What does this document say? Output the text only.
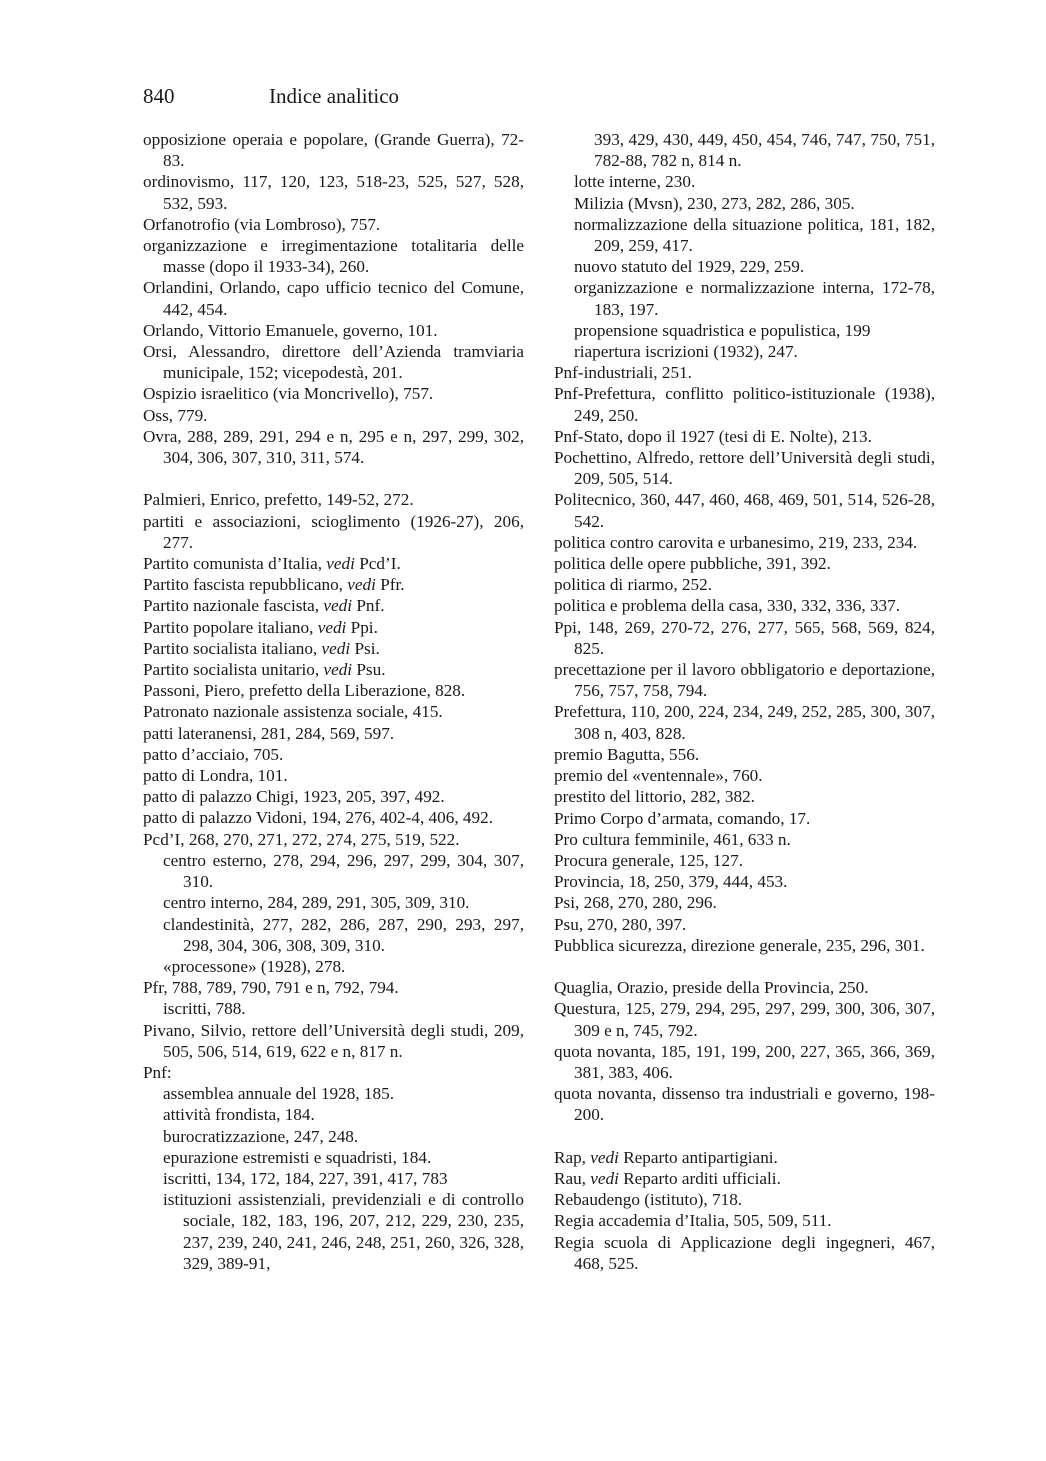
840	Indice analitico
opposizione operaia e popolare, (Grande Guerra), 72-83.
ordinovismo, 117, 120, 123, 518-23, 525, 527, 528, 532, 593.
Orfanotrofio (via Lombroso), 757.
organizzazione e irregimentazione totalitaria delle masse (dopo il 1933-34), 260.
Orlandini, Orlando, capo ufficio tecnico del Comune, 442, 454.
Orlando, Vittorio Emanuele, governo, 101.
Orsi, Alessandro, direttore dell’Azienda tramviaria municipale, 152; vicepodestà, 201.
Ospizio israelitico (via Moncrivello), 757.
Oss, 779.
Ovra, 288, 289, 291, 294 e n, 295 e n, 297, 299, 302, 304, 306, 307, 310, 311, 574.
Palmieri, Enrico, prefetto, 149-52, 272.
partiti e associazioni, scioglimento (1926-27), 206, 277.
Partito comunista d’Italia, vedi Pcd’I.
Partito fascista repubblicano, vedi Pfr.
Partito nazionale fascista, vedi Pnf.
Partito popolare italiano, vedi Ppi.
Partito socialista italiano, vedi Psi.
Partito socialista unitario, vedi Psu.
Passoni, Piero, prefetto della Liberazione, 828.
Patronato nazionale assistenza sociale, 415.
patti lateranensi, 281, 284, 569, 597.
patto d’acciaio, 705.
patto di Londra, 101.
patto di palazzo Chigi, 1923, 205, 397, 492.
patto di palazzo Vidoni, 194, 276, 402-4, 406, 492.
Pcd’I, 268, 270, 271, 272, 274, 275, 519, 522.
centro esterno, 278, 294, 296, 297, 299, 304, 307, 310.
centro interno, 284, 289, 291, 305, 309, 310.
clandestinità, 277, 282, 286, 287, 290, 293, 297, 298, 304, 306, 308, 309, 310.
«processone» (1928), 278.
Pfr, 788, 789, 790, 791 e n, 792, 794.
iscritti, 788.
Pivano, Silvio, rettore dell’Università degli studi, 209, 505, 506, 514, 619, 622 e n, 817 n.
Pnf:
assemblea annuale del 1928, 185.
attività frondista, 184.
burocratizzazione, 247, 248.
epurazione estremisti e squadristi, 184.
iscritti, 134, 172, 184, 227, 391, 417, 783
istituzioni assistenziali, previdenziali e di controllo sociale, 182, 183, 196, 207, 212, 229, 230, 235, 237, 239, 240, 241, 246, 248, 251, 260, 326, 328, 329, 389-91,
393, 429, 430, 449, 450, 454, 746, 747, 750, 751, 782-88, 782 n, 814 n.
lotte interne, 230.
Milizia (Mvsn), 230, 273, 282, 286, 305.
normalizzazione della situazione politica, 181, 182, 209, 259, 417.
nuovo statuto del 1929, 229, 259.
organizzazione e normalizzazione interna, 172-78, 183, 197.
propensione squadristica e populistica, 199
riapertura iscrizioni (1932), 247.
Pnf-industriali, 251.
Pnf-Prefettura, conflitto politico-istituzionale (1938), 249, 250.
Pnf-Stato, dopo il 1927 (tesi di E. Nolte), 213.
Pochettino, Alfredo, rettore dell’Università degli studi, 209, 505, 514.
Politecnico, 360, 447, 460, 468, 469, 501, 514, 526-28, 542.
politica contro carovita e urbanesimo, 219, 233, 234.
politica delle opere pubbliche, 391, 392.
politica di riarmo, 252.
politica e problema della casa, 330, 332, 336, 337.
Ppi, 148, 269, 270-72, 276, 277, 565, 568, 569, 824, 825.
precettazione per il lavoro obbligatorio e deportazione, 756, 757, 758, 794.
Prefettura, 110, 200, 224, 234, 249, 252, 285, 300, 307, 308 n, 403, 828.
premio Bagutta, 556.
premio del «ventennale», 760.
prestito del littorio, 282, 382.
Primo Corpo d’armata, comando, 17.
Pro cultura femminile, 461, 633 n.
Procura generale, 125, 127.
Provincia, 18, 250, 379, 444, 453.
Psi, 268, 270, 280, 296.
Psu, 270, 280, 397.
Pubblica sicurezza, direzione generale, 235, 296, 301.
Quaglia, Orazio, preside della Provincia, 250.
Questura, 125, 279, 294, 295, 297, 299, 300, 306, 307, 309 e n, 745, 792.
quota novanta, 185, 191, 199, 200, 227, 365, 366, 369, 381, 383, 406.
quota novanta, dissenso tra industriali e governo, 198-200.
Rap, vedi Reparto antipartigiani.
Rau, vedi Reparto arditi ufficiali.
Rebaudengo (istituto), 718.
Regia accademia d’Italia, 505, 509, 511.
Regia scuola di Applicazione degli ingegneri, 467, 468, 525.
